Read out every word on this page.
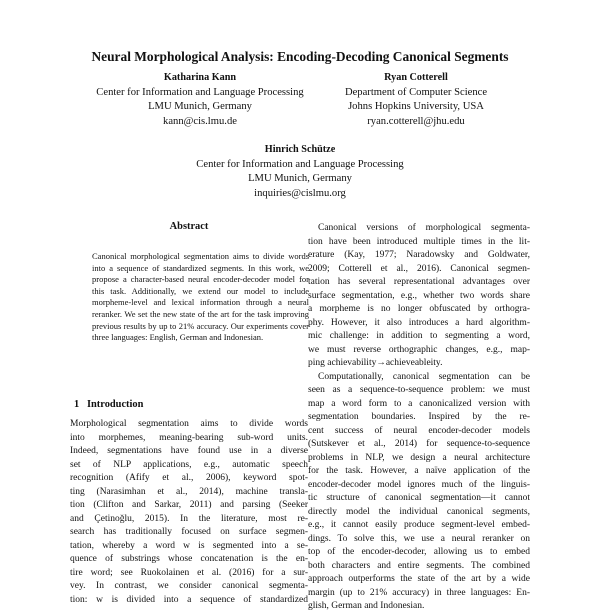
Neural Morphological Analysis: Encoding-Decoding Canonical Segments
Katharina Kann
Center for Information and Language Processing
LMU Munich, Germany
kann@cis.lmu.de
Ryan Cotterell
Department of Computer Science
Johns Hopkins University, USA
ryan.cotterell@jhu.edu
Hinrich Schütze
Center for Information and Language Processing
LMU Munich, Germany
inquiries@cislmu.org
Abstract
Canonical morphological segmentation aims to divide words into a sequence of standardized segments. In this work, we propose a character-based neural encoder-decoder model for this task. Additionally, we extend our model to include morpheme-level and lexical information through a neural reranker. We set the new state of the art for the task improving previous results by up to 21% accuracy. Our experiments cover three languages: English, German and Indonesian.
1   Introduction
Morphological segmentation aims to divide words
into morphemes, meaning-bearing sub-word units.
Indeed, segmentations have found use in a diverse
set of NLP applications, e.g., automatic speech
recognition (Afify et al., 2006), keyword spot-
ting (Narasimhan et al., 2014), machine transla-
tion (Clifton and Sarkar, 2011) and parsing (Seeker
and Çetinoğlu, 2015). In the literature, most re-
search has traditionally focused on surface segmen-
tation, whereby a word w is segmented into a se-
quence of substrings whose concatenation is the en-
tire word; see Ruokolainen et al. (2016) for a sur-
vey. In contrast, we consider canonical segmenta-
tion: w is divided into a sequence of standardized
Canonical versions of morphological segmenta-
tion have been introduced multiple times in the lit-
erature (Kay, 1977; Naradowsky and Goldwater,
2009; Cotterell et al., 2016). Canonical segmen-
tation has several representational advantages over
surface segmentation, e.g., whether two words share
a morpheme is no longer obfuscated by orthogra-
phy. However, it also introduces a hard algorithm-
mic challenge: in addition to segmenting a word,
we must reverse orthographic changes, e.g., map-
ping achievability→achieveableity.
Computationally, canonical segmentation can be
seen as a sequence-to-sequence problem: we must
map a word form to a canonicalized version with
segmentation boundaries. Inspired by the re-
cent success of neural encoder-decoder models
(Sutskever et al., 2014) for sequence-to-sequence
problems in NLP, we design a neural architecture
for the task. However, a naïve application of the
encoder-decoder model ignores much of the linguis-
tic structure of canonical segmentation—it cannot
directly model the individual canonical segments,
e.g., it cannot easily produce segment-level embed-
dings. To solve this, we use a neural reranker on
top of the encoder-decoder, allowing us to embed
both characters and entire segments. The combined
approach outperforms the state of the art by a wide
margin (up to 21% accuracy) in three languages: En-
glish, German and Indonesian.
